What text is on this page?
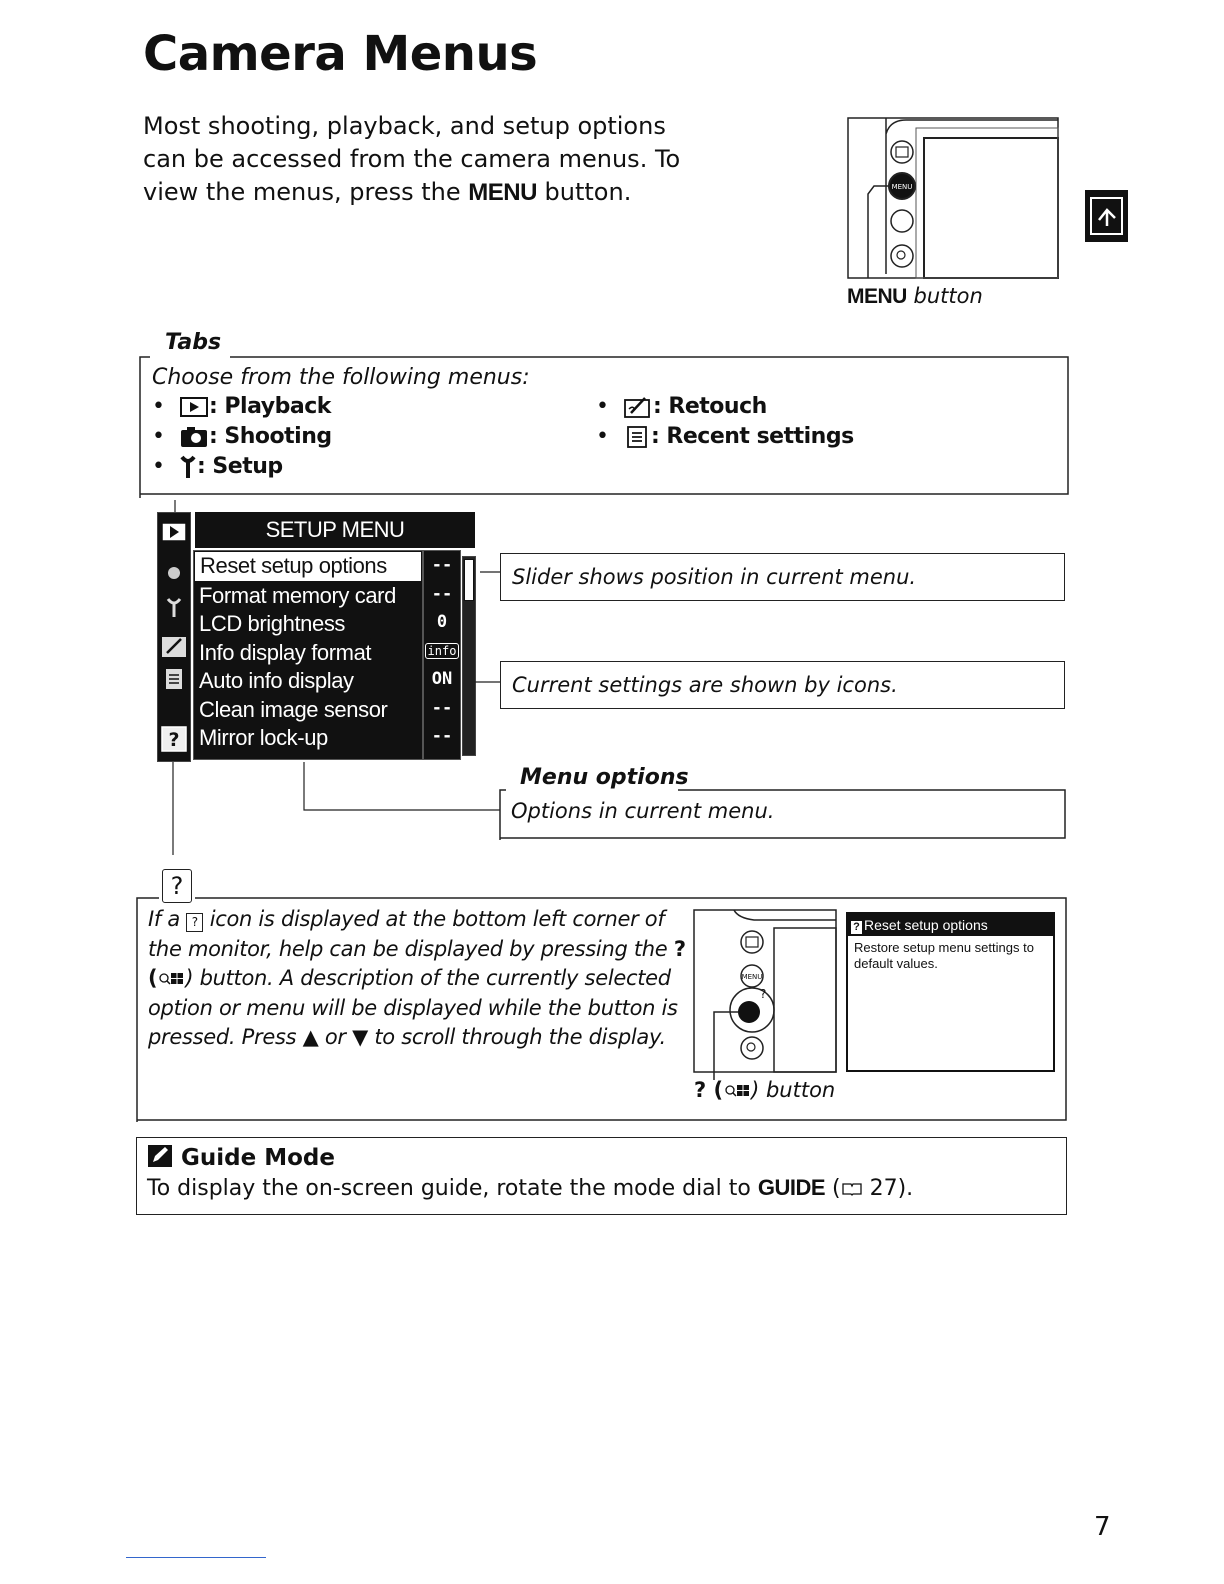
Camera Menus
Most shooting, playback, and setup options can be accessed from the camera menus. To view the menus, press the MENU button.	MENU
MENU button
Tabs
Choose from the following menus:
•  : Playback
•  : Shooting
•  : Setup
•  : Retouch
•  : Recent settings
?
SETUP MENU
Reset setup options
Format memory card
LCD brightness
Info display format
Auto info display
Clean image sensor
Mirror lock-up
--
--
0
info
ON
--
--
Slider shows position in current menu.
Current settings are shown by icons.
Menu options
Options in current menu.
?
If a ? icon is displayed at the bottom left corner of the monitor, help can be displayed by pressing the ? ( ) button. A description of the currently selected option or menu will be displayed while the button is pressed. Press ▲ or ▼ to scroll through the display.
MENU
?
? ( ) button
? Reset setup options
Restore setup menu settings to default values.
Guide Mode
To display the on-screen guide, rotate the mode dial to GUIDE ( 27).
7
